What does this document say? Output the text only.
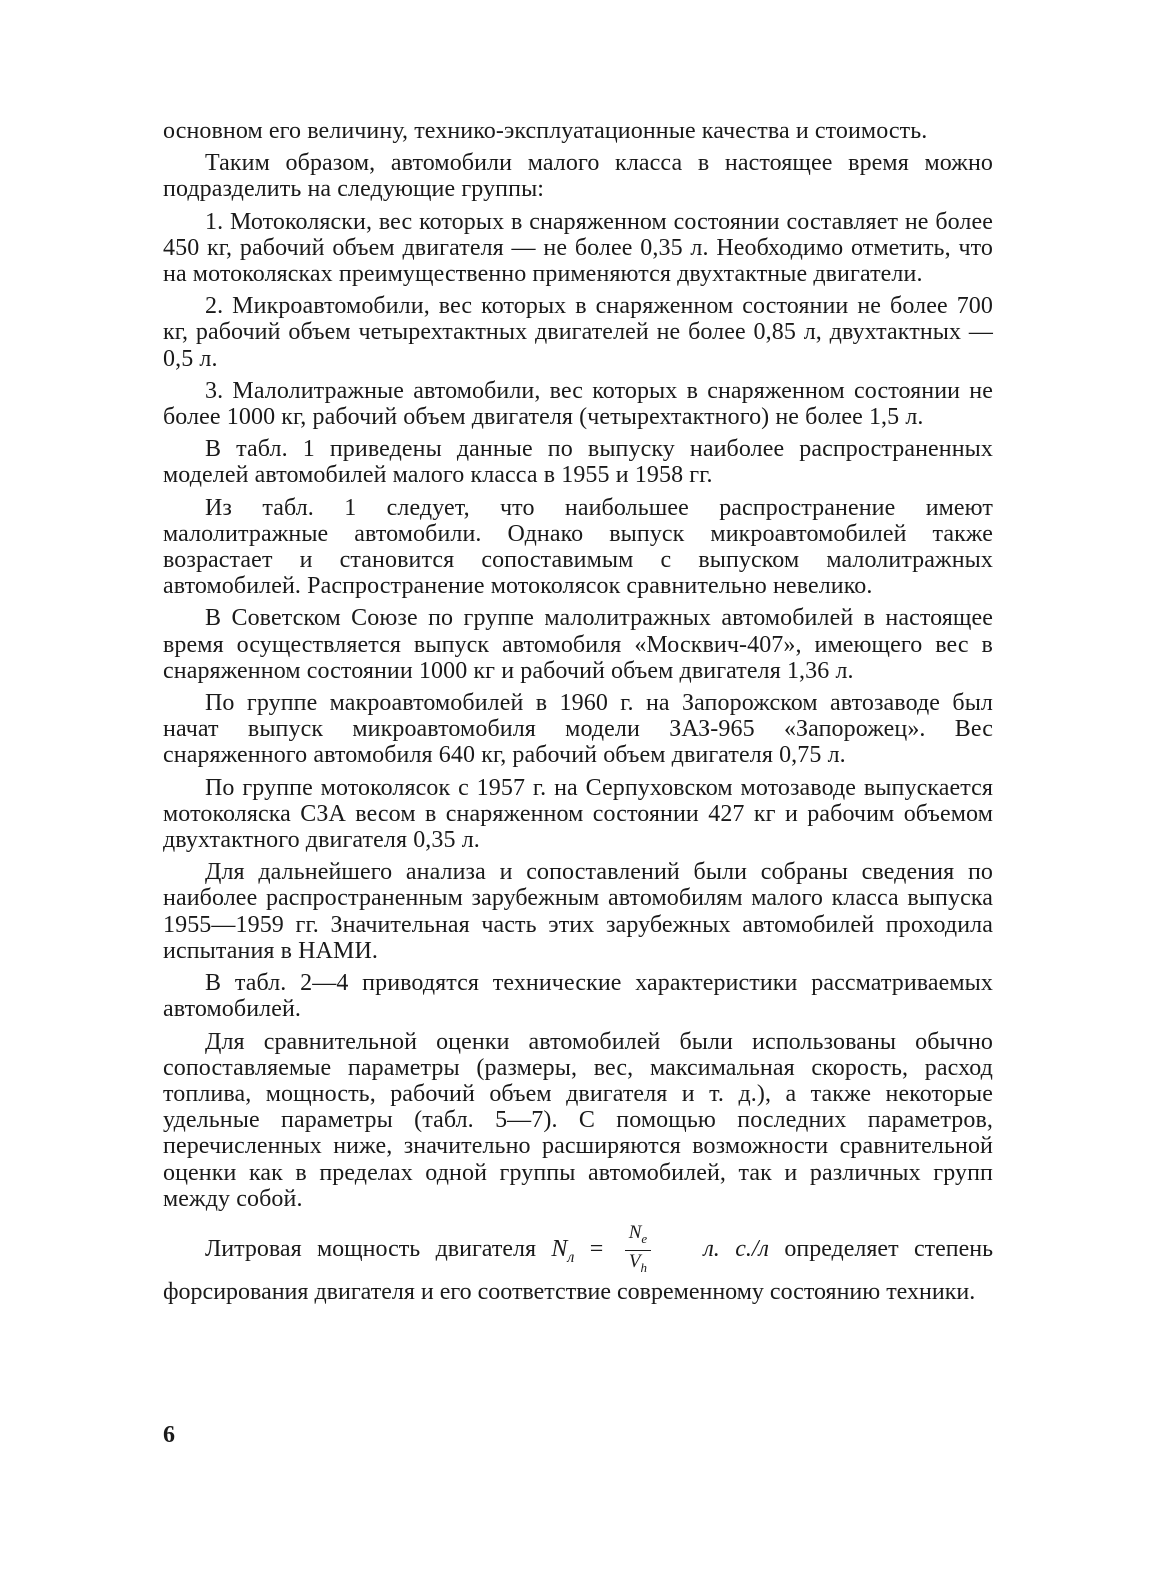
основном его величину, технико-эксплуатационные качества и стоимость.

Таким образом, автомобили малого класса в настоящее время можно подразделить на следующие группы:

1. Мотоколяски, вес которых в снаряженном состоянии составляет не более 450 кг, рабочий объем двигателя — не более 0,35 л. Необходимо отметить, что на мотоколясках преимущественно применяются двухтактные двигатели.

2. Микроавтомобили, вес которых в снаряженном состоянии не более 700 кг, рабочий объем четырехтактных двигателей не более 0,85 л, двухтактных — 0,5 л.

3. Малолитражные автомобили, вес которых в снаряженном состоянии не более 1000 кг, рабочий объем двигателя (четырехтактного) не более 1,5 л.

В табл. 1 приведены данные по выпуску наиболее распространенных моделей автомобилей малого класса в 1955 и 1958 гг.

Из табл. 1 следует, что наибольшее распространение имеют малолитражные автомобили. Однако выпуск микроавтомобилей также возрастает и становится сопоставимым с выпуском малолитражных автомобилей. Распространение мотоколясок сравнительно невелико.

В Советском Союзе по группе малолитражных автомобилей в настоящее время осуществляется выпуск автомобиля «Москвич-407», имеющего вес в снаряженном состоянии 1000 кг и рабочий объем двигателя 1,36 л.

По группе макроавтомобилей в 1960 г. на Запорожском автозаводе был начат выпуск микроавтомобиля модели ЗАЗ-965 «Запорожец». Вес снаряженного автомобиля 640 кг, рабочий объем двигателя 0,75 л.

По группе мотоколясок с 1957 г. на Серпуховском мотозаводе выпускается мотоколяска СЗА весом в снаряженном состоянии 427 кг и рабочим объемом двухтактного двигателя 0,35 л.

Для дальнейшего анализа и сопоставлений были собраны сведения по наиболее распространенным зарубежным автомобилям малого класса выпуска 1955—1959 гг. Значительная часть этих зарубежных автомобилей проходила испытания в НАМИ.

В табл. 2—4 приводятся технические характеристики рассматриваемых автомобилей.

Для сравнительной оценки автомобилей были использованы обычно сопоставляемые параметры (размеры, вес, максимальная скорость, расход топлива, мощность, рабочий объем двигателя и т. д.), а также некоторые удельные параметры (табл. 5—7). С помощью последних параметров, перечисленных ниже, значительно расширяются возможности сравнительной оценки как в пределах одной группы автомобилей, так и различных групп между собой.

Литровая мощность двигателя $N_л = \frac{N_e}{V_h} л$. с./л определяет степень форсирования двигателя и его соответствие современному состоянию техники.

6
